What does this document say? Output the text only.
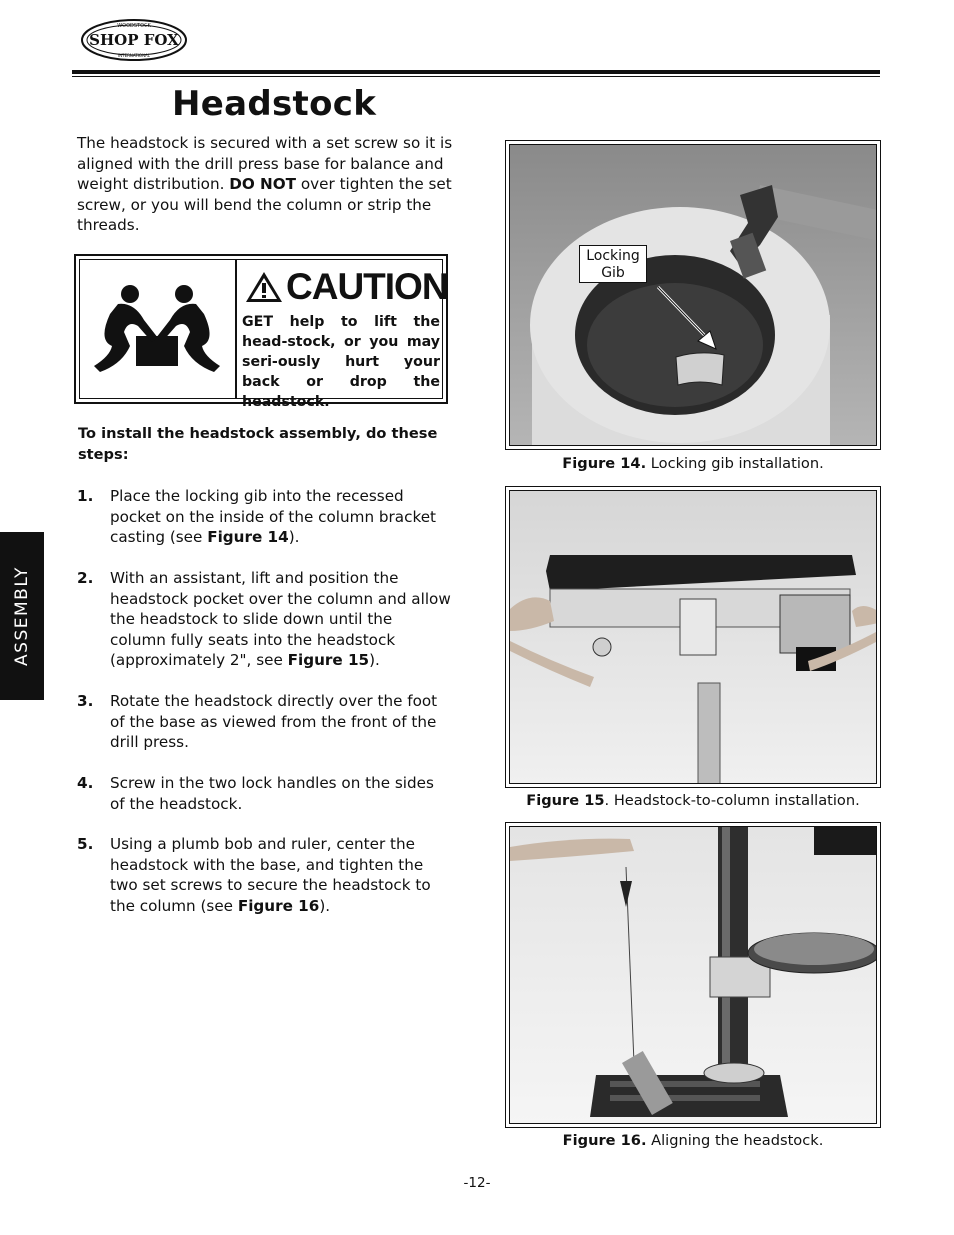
WOODSTOCK
SHOP FOX
INTERNATIONAL
Headstock
The headstock is secured with a set screw so it is aligned with the drill press base for balance and weight distribution. DO NOT over tighten the set screw, or you will bend the column or strip the threads.
CAUTION
GET help to lift the head-stock, or you may seri-ously hurt your back or drop the headstock.
To install the headstock assembly, do these steps:
1. Place the locking gib into the recessed pocket on the inside of the column bracket casting (see Figure 14).
2. With an assistant, lift and position the headstock pocket over the column and allow the headstock to slide down until the column fully seats into the headstock (approximately 2", see Figure 15).
3. Rotate the headstock directly over the foot of the base as viewed from the front of the drill press.
4. Screw in the two lock handles on the sides of the headstock.
5. Using a plumb bob and ruler, center the headstock with the base, and tighten the two set screws to secure the headstock to the column (see Figure 16).
ASSEMBLY
Locking
Gib
Figure 14. Locking gib installation.
Figure 15. Headstock-to-column installation.
Figure 16. Aligning the headstock.
-12-
